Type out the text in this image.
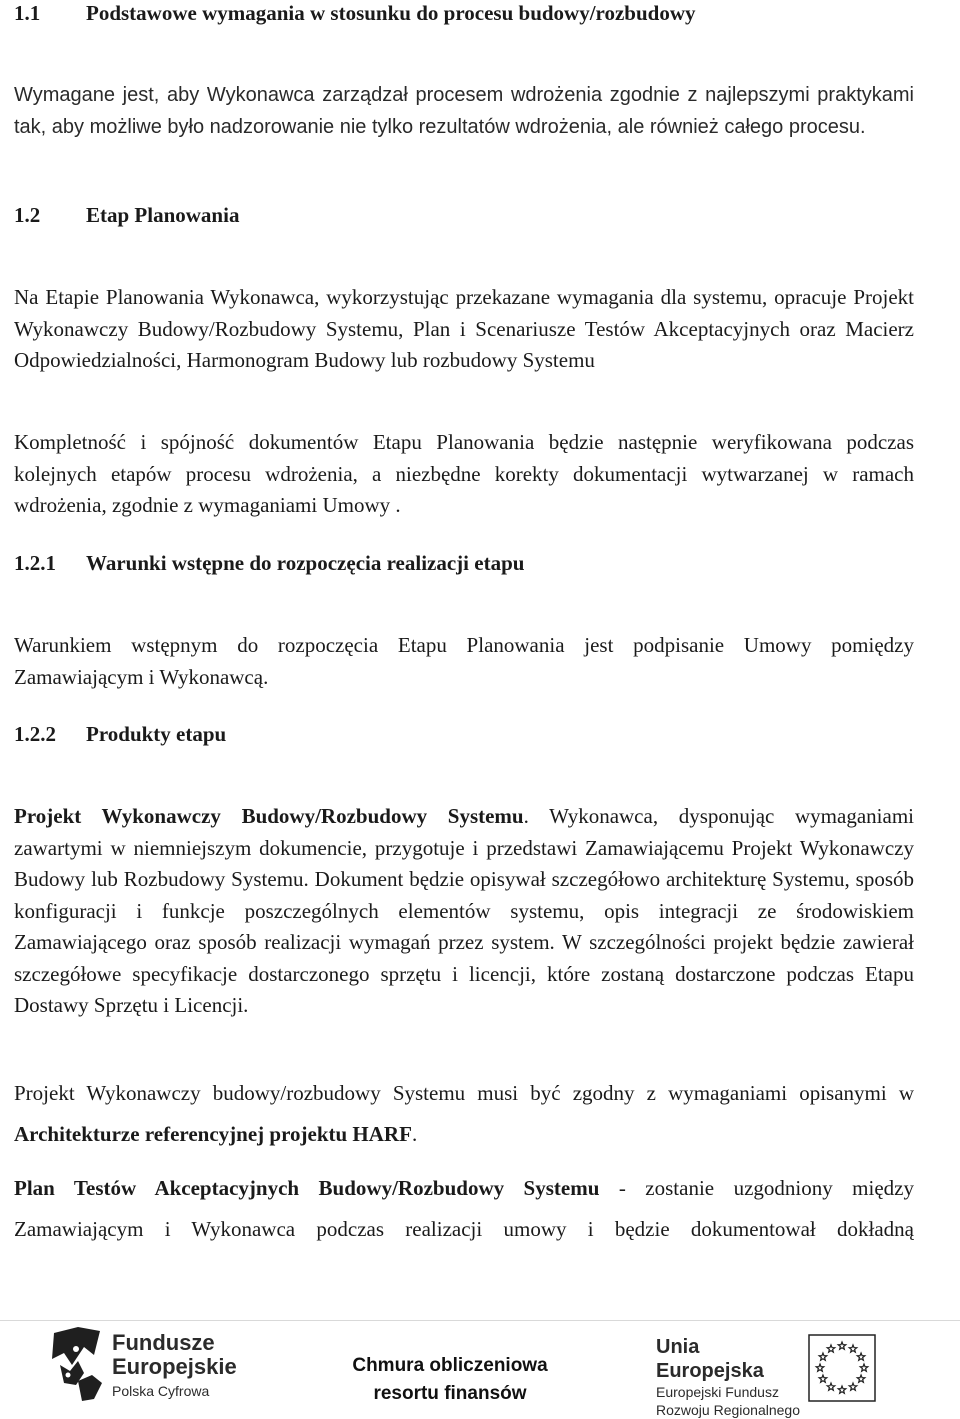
1.1 Podstawowe wymagania w stosunku do procesu budowy/rozbudowy

Wymagane jest, aby Wykonawca zarządzał procesem wdrożenia zgodnie z najlepszymi praktykami tak, aby możliwe było nadzorowanie nie tylko rezultatów wdrożenia, ale również całego procesu.

1.2 Etap Planowania

Na Etapie Planowania Wykonawca, wykorzystując przekazane wymagania dla systemu, opracuje Projekt Wykonawczy Budowy/Rozbudowy Systemu, Plan i Scenariusze Testów Akceptacyjnych oraz Macierz Odpowiedzialności, Harmonogram Budowy lub rozbudowy Systemu

Kompletność i spójność dokumentów Etapu Planowania będzie następnie weryfikowana podczas kolejnych etapów procesu wdrożenia, a niezbędne korekty dokumentacji wytwarzanej w ramach wdrożenia, zgodnie z wymaganiami Umowy .

1.2.1 Warunki wstępne do rozpoczęcia realizacji etapu

Warunkiem wstępnym do rozpoczęcia Etapu Planowania jest podpisanie Umowy pomiędzy Zamawiającym i Wykonawcą.

1.2.2 Produkty etapu

Projekt Wykonawczy Budowy/Rozbudowy Systemu. Wykonawca, dysponując wymaganiami zawartymi w niemniejszym dokumencie, przygotuje i przedstawi Zamawiającemu Projekt Wykonawczy Budowy lub Rozbudowy Systemu. Dokument będzie opisywał szczegółowo architekturę Systemu, sposób konfiguracji i funkcje poszczególnych elementów systemu, opis integracji ze środowiskiem Zamawiającego oraz sposób realizacji wymagań przez system. W szczególności projekt będzie zawierał szczegółowe specyfikacje dostarczonego sprzętu i licencji, które zostaną dostarczone podczas Etapu Dostawy Sprzętu i Licencji.

Projekt Wykonawczy budowy/rozbudowy Systemu musi być zgodny z wymaganiami opisanymi w Architekturze referencyjnej projektu HARF.

Plan Testów Akceptacyjnych Budowy/Rozbudowy Systemu - zostanie uzgodniony między Zamawiającym i Wykonawca podczas realizacji umowy i będzie dokumentował dokładną

Fundusze
Europejskie
Polska Cyfrowa
Chmura obliczeniowa
resortu finansów
Unia Europejska
Europejski Fundusz
Rozwoju Regionalnego
